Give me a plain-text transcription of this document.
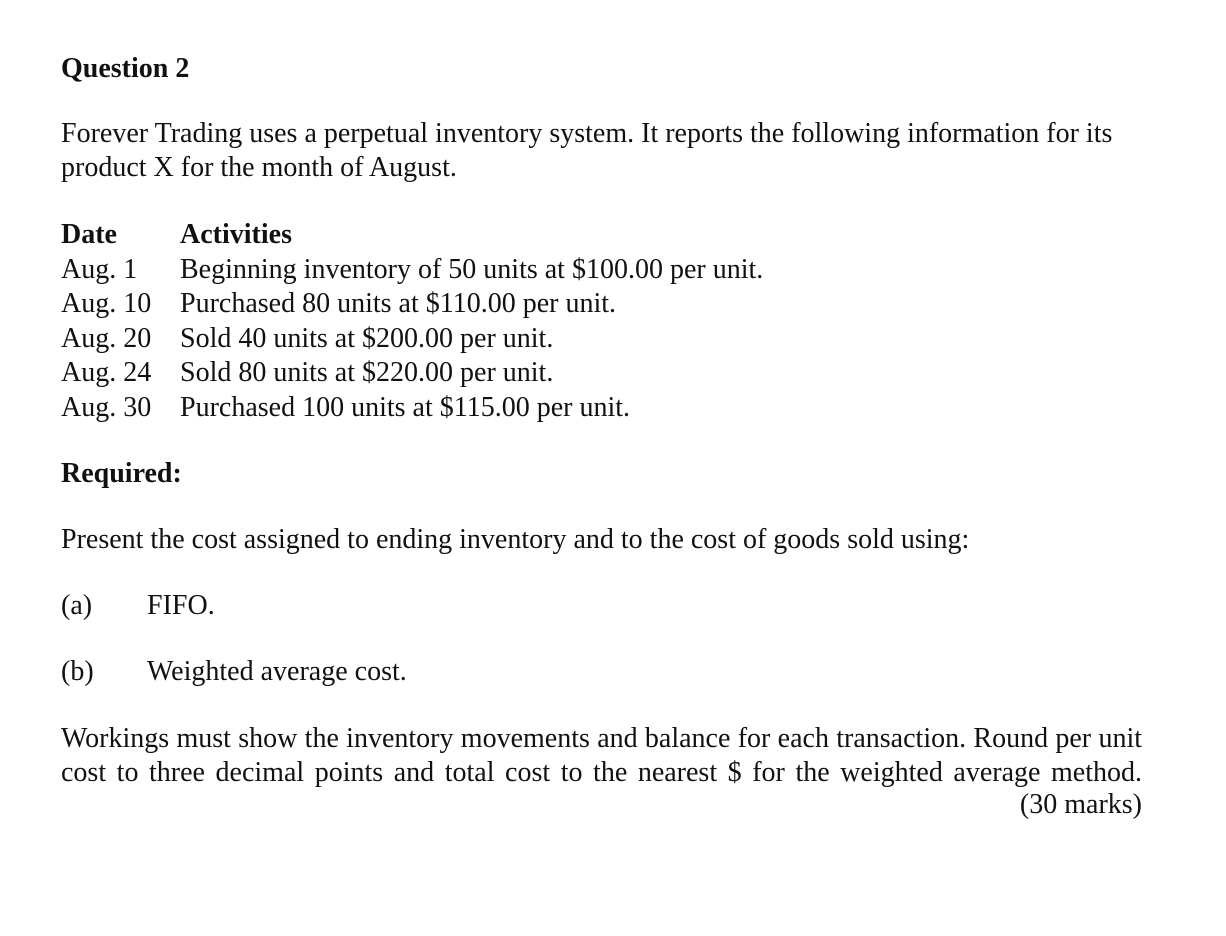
Question 2

Forever Trading uses a perpetual inventory system. It reports the following information for its product X for the month of August.

Date	Activities
Aug. 1	Beginning inventory of 50 units at $100.00 per unit.
Aug. 10	Purchased 80 units at $110.00 per unit.
Aug. 20	Sold 40 units at $200.00 per unit.
Aug. 24	Sold 80 units at $220.00 per unit.
Aug. 30	Purchased 100 units at $115.00 per unit.

Required:

Present the cost assigned to ending inventory and to the cost of goods sold using:

(a)	FIFO.
(b)	Weighted average cost.

Workings must show the inventory movements and balance for each transaction. Round per unit cost to three decimal points and total cost to the nearest $ for the weighted average method.

(30 marks)
